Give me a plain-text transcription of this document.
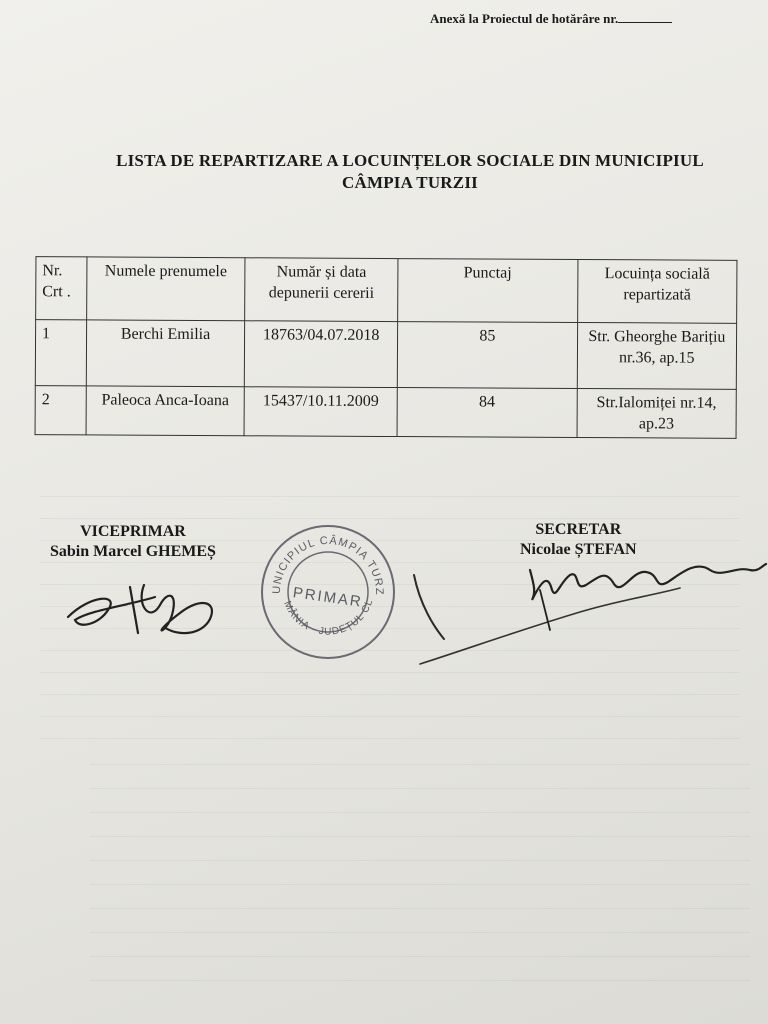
Anexă la Proiectul de hotărâre nr.
LISTA DE REPARTIZARE A LOCUINȚELOR SOCIALE DIN MUNICIPIUL
CÂMPIA TURZII
Nr. Crt .	Numele prenumele	Număr și data depunerii cererii	Punctaj	Locuința socială repartizată
1	Berchi Emilia	18763/04.07.2018	85	Str. Gheorghe Barițiu nr.36, ap.15
2	Paleoca Anca-Ioana	15437/10.11.2009	84	Str.Ialomiței nr.14, ap.23
VICEPRIMAR
Sabin Marcel GHEMEȘ
UNICIPIUL CÂMPIA TURZ
MÂNIA - JUDEȚUL CL
PRIMAR
SECRETAR
Nicolae ȘTEFAN
